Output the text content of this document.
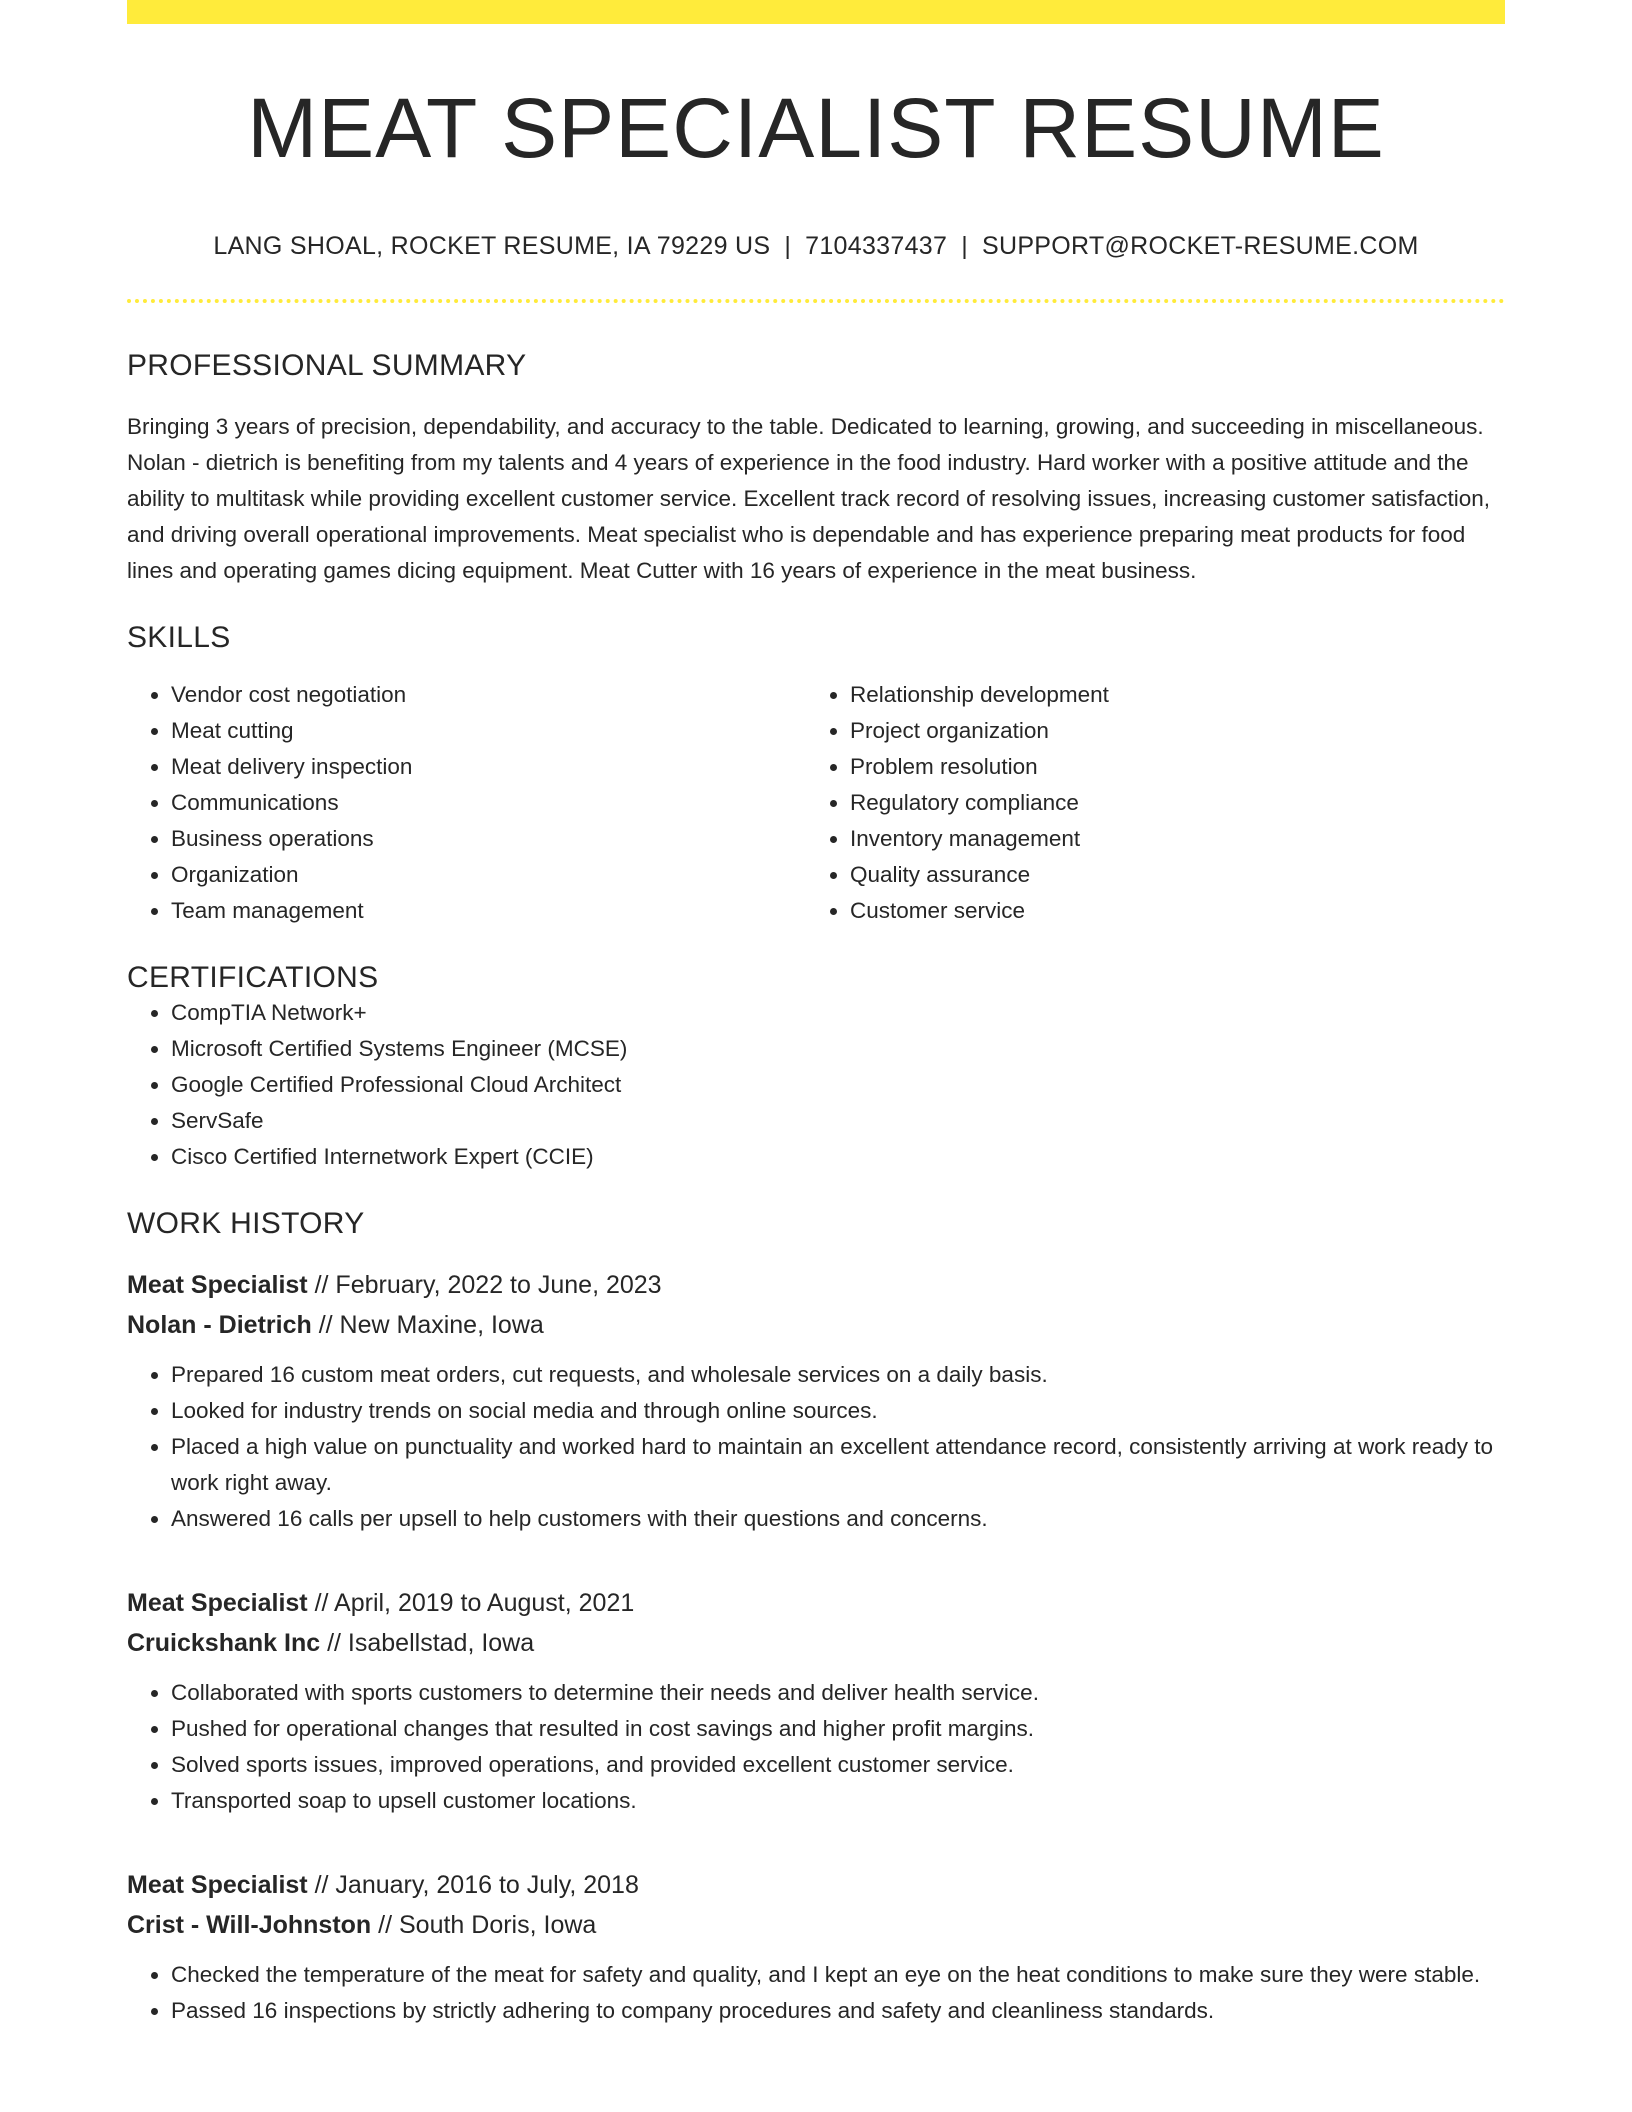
MEAT SPECIALIST RESUME
LANG SHOAL, ROCKET RESUME, IA 79229 US | 7104337437 | SUPPORT@ROCKET-RESUME.COM
PROFESSIONAL SUMMARY

Bringing 3 years of precision, dependability, and accuracy to the table. Dedicated to learning, growing, and succeeding in miscellaneous. Nolan - dietrich is benefiting from my talents and 4 years of experience in the food industry. Hard worker with a positive attitude and the ability to multitask while providing excellent customer service. Excellent track record of resolving issues, increasing customer satisfaction, and driving overall operational improvements. Meat specialist who is dependable and has experience preparing meat products for food lines and operating games dicing equipment. Meat Cutter with 16 years of experience in the meat business.

SKILLS
• Vendor cost negotiation
• Meat cutting
• Meat delivery inspection
• Communications
• Business operations
• Organization
• Team management
• Relationship development
• Project organization
• Problem resolution
• Regulatory compliance
• Inventory management
• Quality assurance
• Customer service
CERTIFICATIONS
• CompTIA Network+
• Microsoft Certified Systems Engineer (MCSE)
• Google Certified Professional Cloud Architect
• ServSafe
• Cisco Certified Internetwork Expert (CCIE)
WORK HISTORY
Meat Specialist // February, 2022 to June, 2023
Nolan - Dietrich // New Maxine, Iowa
• Prepared 16 custom meat orders, cut requests, and wholesale services on a daily basis.
• Looked for industry trends on social media and through online sources.
• Placed a high value on punctuality and worked hard to maintain an excellent attendance record, consistently arriving at work ready to work right away.
• Answered 16 calls per upsell to help customers with their questions and concerns.
Meat Specialist // April, 2019 to August, 2021
Cruickshank Inc // Isabellstad, Iowa
• Collaborated with sports customers to determine their needs and deliver health service.
• Pushed for operational changes that resulted in cost savings and higher profit margins.
• Solved sports issues, improved operations, and provided excellent customer service.
• Transported soap to upsell customer locations.
Meat Specialist // January, 2016 to July, 2018
Crist - Will-Johnston // South Doris, Iowa
• Checked the temperature of the meat for safety and quality, and I kept an eye on the heat conditions to make sure they were stable.
• Passed 16 inspections by strictly adhering to company procedures and safety and cleanliness standards.
